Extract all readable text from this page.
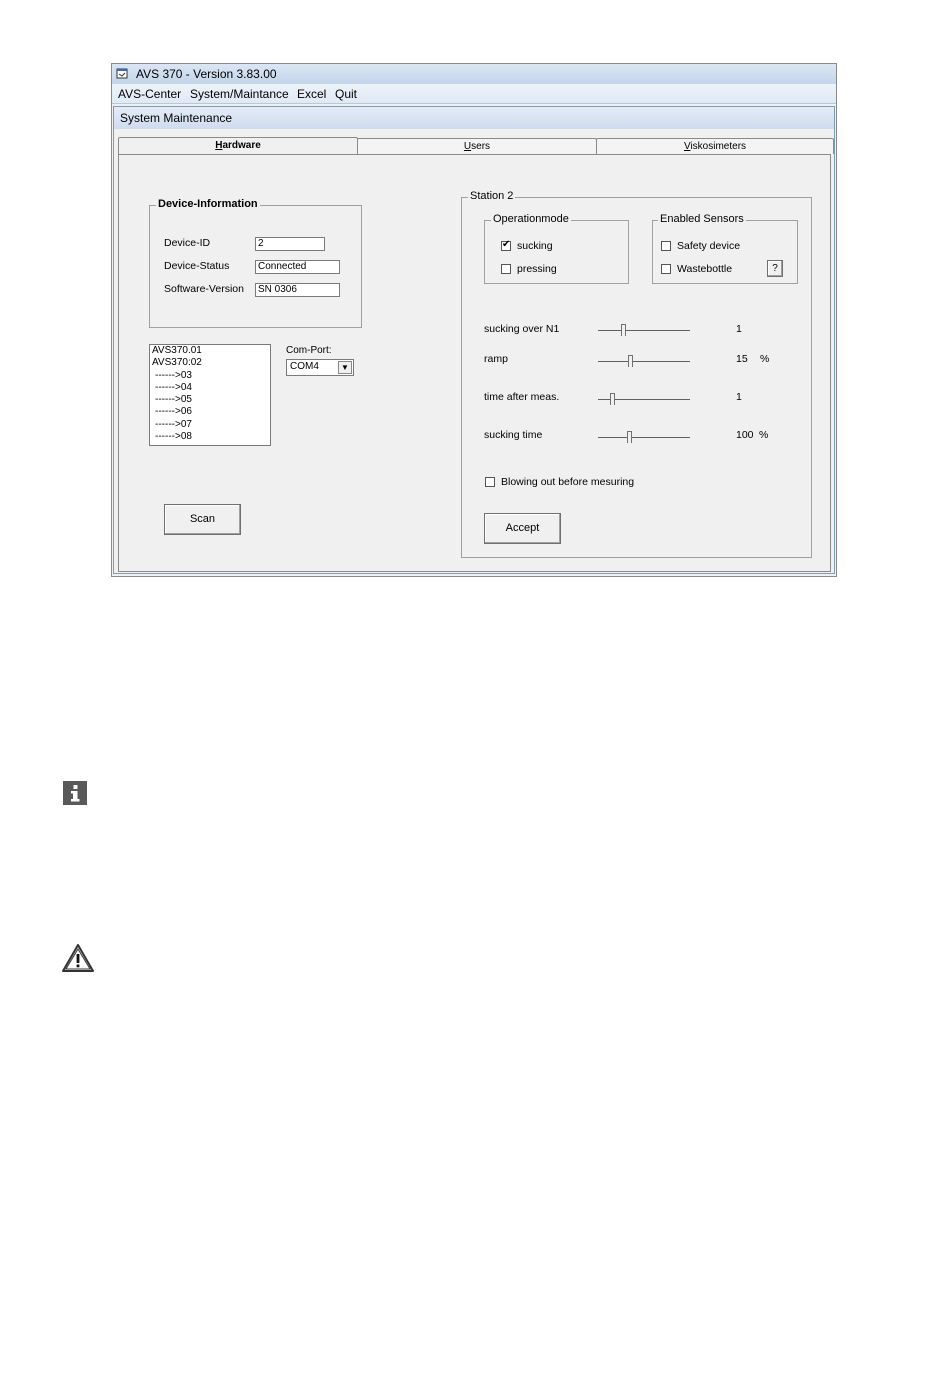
AVS 370 - Version 3.83.00
AVS-Center System/Maintance Excel Quit
System Maintenance
Hardware	Users	Viskosimeters
Device-Information
Device-ID	2
Device-Status	Connected
Software-Version	SN 0306
AVS370.01
AVS370:02
------>03
------>04
------>05
------>06
------>07
------>08
Com-Port:
COM4	▼
Scan
Station 2
Operationmode
✔ sucking
pressing
Enabled Sensors
Safety device
Wastebottle	?
sucking over N1	1
ramp	15 %
time after meas.	1
sucking time	100 %
Blowing out before mesuring
Accept
